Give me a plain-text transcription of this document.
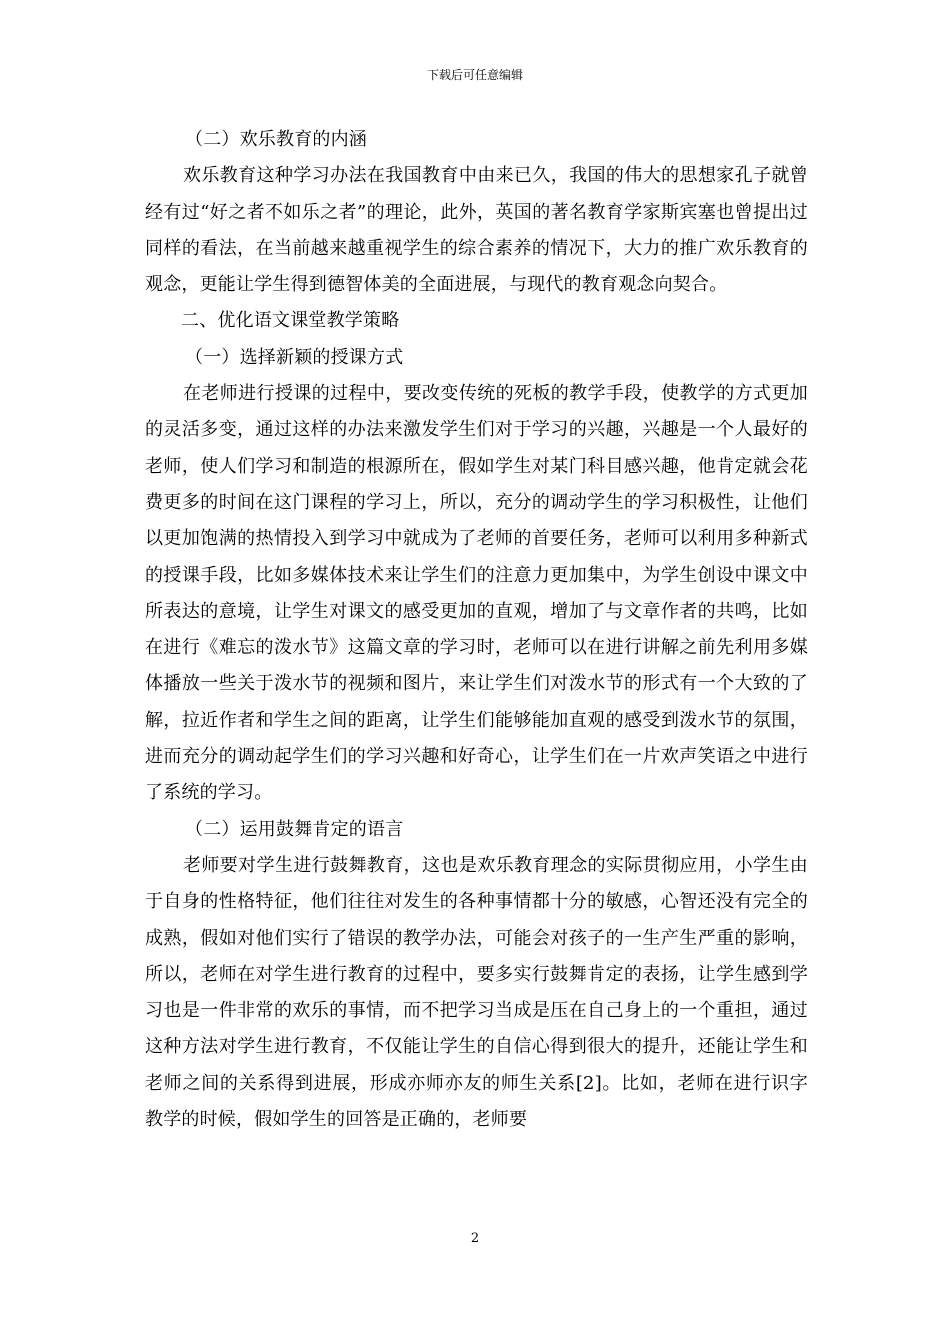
下载后可任意编辑

（二）欢乐教育的内涵

欢乐教育这种学习办法在我国教育中由来已久，我国的伟大的思想家孔子就曾经有过“好之者不如乐之者”的理论，此外，英国的著名教育学家斯宾塞也曾提出过同样的看法，在当前越来越重视学生的综合素养的情况下，大力的推广欢乐教育的观念，更能让学生得到德智体美的全面进展，与现代的教育观念向契合。

二、优化语文课堂教学策略

（一）选择新颖的授课方式

在老师进行授课的过程中，要改变传统的死板的教学手段，使教学的方式更加的灵活多变，通过这样的办法来激发学生们对于学习的兴趣，兴趣是一个人最好的老师，使人们学习和制造的根源所在，假如学生对某门科目感兴趣，他肯定就会花费更多的时间在这门课程的学习上，所以，充分的调动学生的学习积极性，让他们以更加饱满的热情投入到学习中就成为了老师的首要任务，老师可以利用多种新式的授课手段，比如多媒体技术来让学生们的注意力更加集中，为学生创设中课文中所表达的意境，让学生对课文的感受更加的直观，增加了与文章作者的共鸣，比如在进行《难忘的泼水节》这篇文章的学习时，老师可以在进行讲解之前先利用多媒体播放一些关于泼水节的视频和图片，来让学生们对泼水节的形式有一个大致的了解，拉近作者和学生之间的距离，让学生们能够能加直观的感受到泼水节的氛围，进而充分的调动起学生们的学习兴趣和好奇心，让学生们在一片欢声笑语之中进行了系统的学习。

（二）运用鼓舞肯定的语言

老师要对学生进行鼓舞教育，这也是欢乐教育理念的实际贯彻应用，小学生由于自身的性格特征，他们往往对发生的各种事情都十分的敏感，心智还没有完全的成熟，假如对他们实行了错误的教学办法，可能会对孩子的一生产生严重的影响，所以，老师在对学生进行教育的过程中，要多实行鼓舞肯定的表扬，让学生感到学习也是一件非常的欢乐的事情，而不把学习当成是压在自己身上的一个重担，通过这种方法对学生进行教育，不仅能让学生的自信心得到很大的提升，还能让学生和老师之间的关系得到进展，形成亦师亦友的师生关系[2]。比如，老师在进行识字教学的时候，假如学生的回答是正确的，老师要

2
